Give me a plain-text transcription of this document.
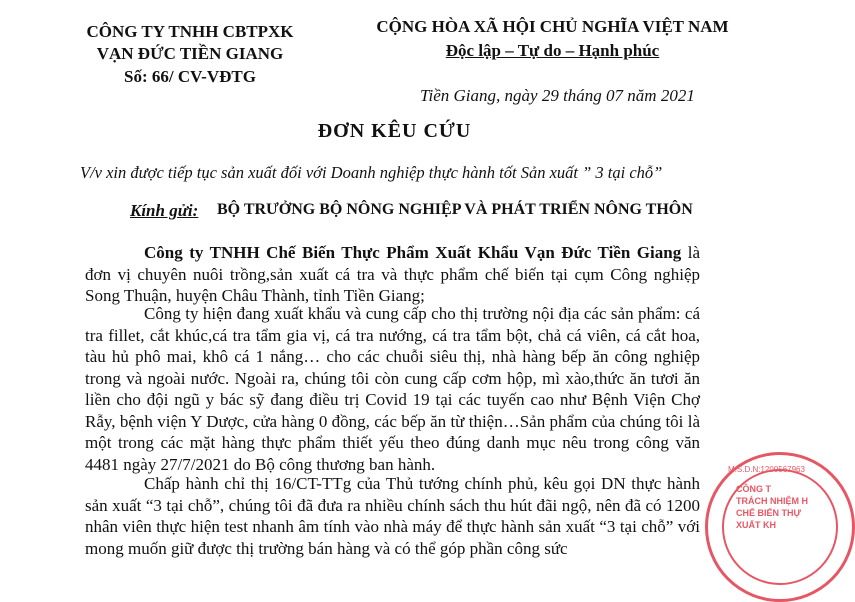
CÔNG TY TNHH CBTPXK
VẠN ĐỨC TIỀN GIANG
Số: 66/ CV-VĐTG
CỘNG HÒA XÃ HỘI CHỦ NGHĨA VIỆT NAM
Độc lập – Tự do – Hạnh phúc
Tiền Giang, ngày 29 tháng 07 năm 2021
ĐƠN KÊU CỨU
V/v xin được tiếp tục sản xuất đối với Doanh nghiệp thực hành tốt Sản xuất ” 3 tại chỗ”
Kính gửi: BỘ TRƯỞNG BỘ NÔNG NGHIỆP VÀ PHÁT TRIỂN NÔNG THÔN

Công ty TNHH Chế Biến Thực Phẩm Xuất Khẩu Vạn Đức Tiền Giang là đơn vị chuyên nuôi trồng,sản xuất cá tra và thực phẩm chế biến tại cụm Công nghiệp Song Thuận, huyện Châu Thành, tỉnh Tiền Giang;

Công ty hiện đang xuất khẩu và cung cấp cho thị trường nội địa các sản phẩm: cá tra fillet, cắt khúc,cá tra tẩm gia vị, cá tra nướng, cá tra tẩm bột, chả cá viên, cá cắt hoa, tàu hủ phô mai, khô cá 1 nắng… cho các chuỗi siêu thị, nhà hàng bếp ăn công nghiệp trong và ngoài nước. Ngoài ra, chúng tôi còn cung cấp cơm hộp, mì xào,thức ăn tươi ăn liền cho đội ngũ y bác sỹ đang điều trị Covid 19 tại các tuyến cao như Bệnh Viện Chợ Rẫy, bệnh viện Y Dược, cửa hàng 0 đồng, các bếp ăn từ thiện…Sản phẩm của chúng tôi là một trong các mặt hàng thực phẩm thiết yếu theo đúng danh mục nêu trong công văn 4481 ngày 27/7/2021 do Bộ công thương ban hành.

Chấp hành chỉ thị 16/CT-TTg của Thủ tướng chính phủ, kêu gọi DN thực hành sản xuất “3 tại chỗ”, chúng tôi đã đưa ra nhiều chính sách thu hút đãi ngộ, nên đã có 1200 nhân viên thực hiện test nhanh âm tính vào nhà máy để thực hành sản xuất “3 tại chỗ” với mong muốn giữ được thị trường bán hàng và có thể góp phần công sức

M.S.D.N:1200567963
CÔNG T
TRÁCH NHIỆM H
CHẾ BIẾN THỰ
XUẤT KH
